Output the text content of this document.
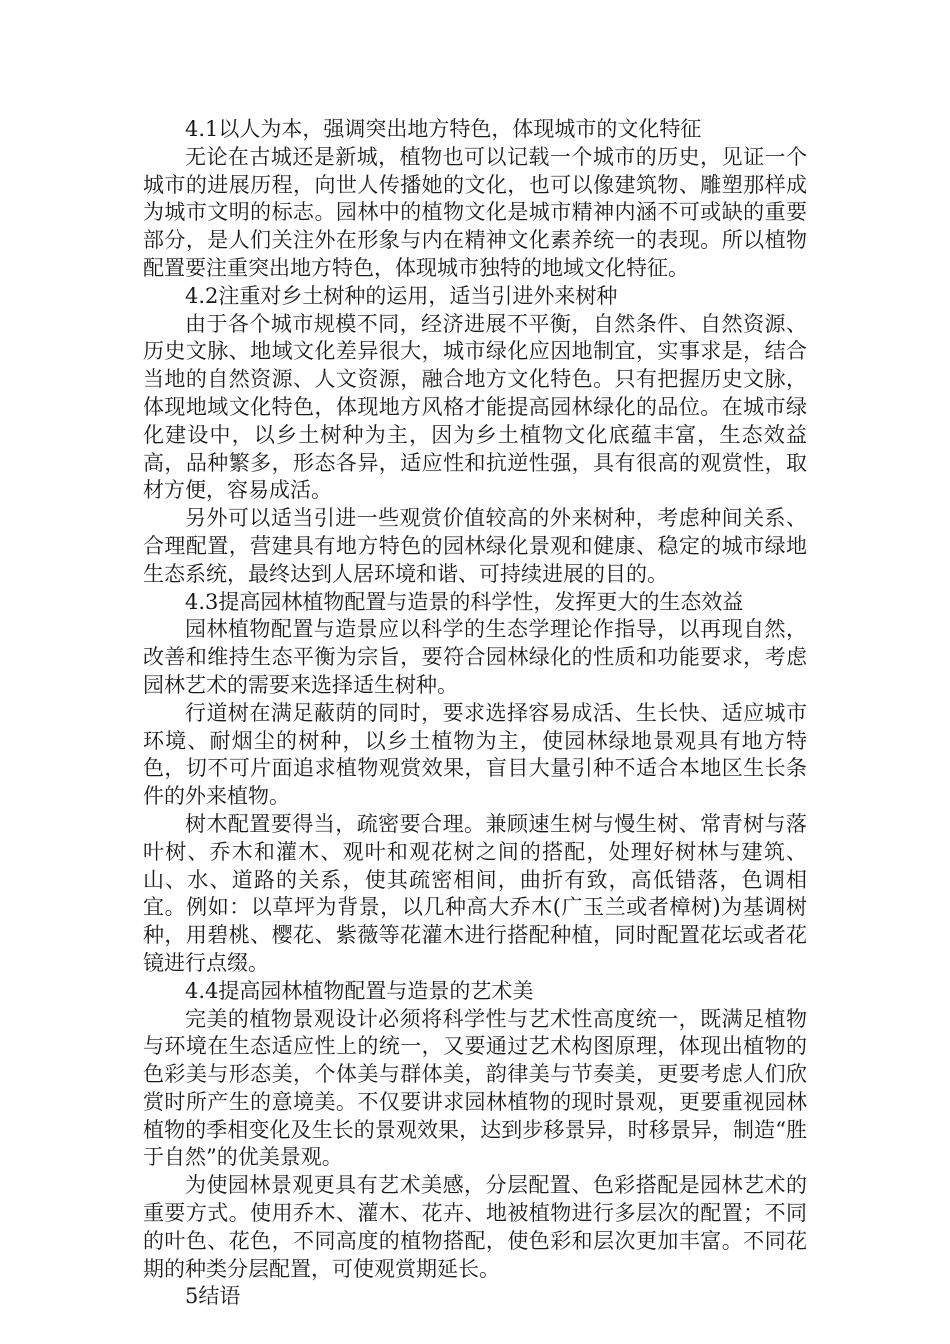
4.1以人为本，强调突出地方特色，体现城市的文化特征

无论在古城还是新城，植物也可以记载一个城市的历史，见证一个城市的进展历程，向世人传播她的文化，也可以像建筑物、雕塑那样成为城市文明的标志。园林中的植物文化是城市精神内涵不可或缺的重要部分，是人们关注外在形象与内在精神文化素养统一的表现。所以植物配置要注重突出地方特色，体现城市独特的地域文化特征。

4.2注重对乡土树种的运用，适当引进外来树种

由于各个城市规模不同，经济进展不平衡，自然条件、自然资源、历史文脉、地域文化差异很大，城市绿化应因地制宜，实事求是，结合当地的自然资源、人文资源，融合地方文化特色。只有把握历史文脉，体现地域文化特色，体现地方风格才能提高园林绿化的品位。在城市绿化建设中，以乡土树种为主，因为乡土植物文化底蕴丰富，生态效益高，品种繁多，形态各异，适应性和抗逆性强，具有很高的观赏性，取材方便，容易成活。

另外可以适当引进一些观赏价值较高的外来树种，考虑种间关系、合理配置，营建具有地方特色的园林绿化景观和健康、稳定的城市绿地生态系统，最终达到人居环境和谐、可持续进展的目的。

4.3提高园林植物配置与造景的科学性，发挥更大的生态效益

园林植物配置与造景应以科学的生态学理论作指导，以再现自然，改善和维持生态平衡为宗旨，要符合园林绿化的性质和功能要求，考虑园林艺术的需要来选择适生树种。

行道树在满足蔽荫的同时，要求选择容易成活、生长快、适应城市环境、耐烟尘的树种，以乡土植物为主，使园林绿地景观具有地方特色，切不可片面追求植物观赏效果，盲目大量引种不适合本地区生长条件的外来植物。

树木配置要得当，疏密要合理。兼顾速生树与慢生树、常青树与落叶树、乔木和灌木、观叶和观花树之间的搭配，处理好树林与建筑、山、水、道路的关系，使其疏密相间，曲折有致，高低错落，色调相宜。例如：以草坪为背景，以几种高大乔木(广玉兰或者樟树)为基调树种，用碧桃、樱花、紫薇等花灌木进行搭配种植，同时配置花坛或者花镜进行点缀。

4.4提高园林植物配置与造景的艺术美

完美的植物景观设计必须将科学性与艺术性高度统一，既满足植物与环境在生态适应性上的统一，又要通过艺术构图原理，体现出植物的色彩美与形态美，个体美与群体美，韵律美与节奏美，更要考虑人们欣赏时所产生的意境美。不仅要讲求园林植物的现时景观，更要重视园林植物的季相变化及生长的景观效果，达到步移景异，时移景异，制造“胜于自然”的优美景观。

为使园林景观更具有艺术美感，分层配置、色彩搭配是园林艺术的重要方式。使用乔木、灌木、花卉、地被植物进行多层次的配置；不同的叶色、花色，不同高度的植物搭配，使色彩和层次更加丰富。不同花期的种类分层配置，可使观赏期延长。

5结语
